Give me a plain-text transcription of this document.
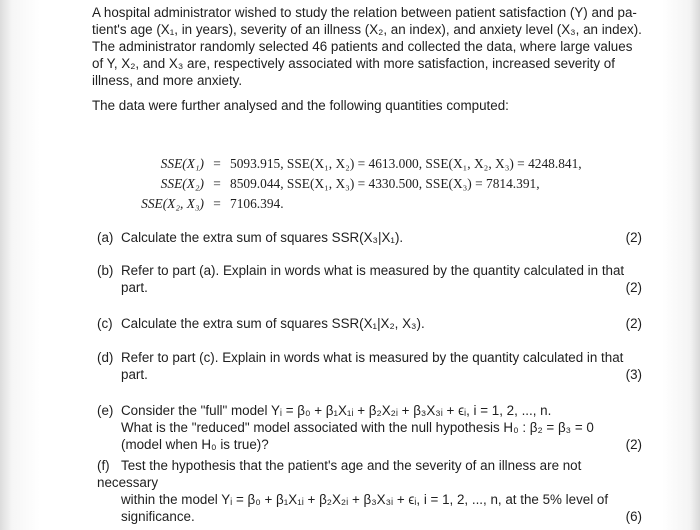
A hospital administrator wished to study the relation between patient satisfaction (Y) and pa-
tient's age (X₁, in years), severity of an illness (X₂, an index), and anxiety level (X₃, an index).
The administrator randomly selected 46 patients and collected the data, where large values
of Y, X₂, and X₃ are, respectively associated with more satisfaction, increased severity of
illness, and more anxiety.
The data were further analysed and the following quantities computed:
SSE(X₁) = 5093.915, SSE(X₁, X₂) = 4613.000, SSE(X₁, X₂, X₃) = 4248.841,
SSE(X₂) = 8509.044, SSE(X₁, X₃) = 4330.500, SSE(X₃) = 7814.391,
SSE(X₂, X₃) = 7106.394.
(a) Calculate the extra sum of squares SSR(X₃|X₁).	(2)
(b) Refer to part (a). Explain in words what is measured by the quantity calculated in that
part.	(2)
(c) Calculate the extra sum of squares SSR(X₁|X₂, X₃).	(2)
(d) Refer to part (c). Explain in words what is measured by the quantity calculated in that
part.	(3)
(e) Consider the "full" model Yᵢ = β₀ + β₁X₁ᵢ + β₂X₂ᵢ + β₃X₃ᵢ + ϵᵢ, i = 1, 2, ..., n.
What is the "reduced" model associated with the null hypothesis H₀ : β₂ = β₃ = 0
(model when H₀ is true)?	(2)
(f) Test the hypothesis that the patient's age and the severity of an illness are not necessary
within the model Yᵢ = β₀ + β₁X₁ᵢ + β₂X₂ᵢ + β₃X₃ᵢ + ϵᵢ, i = 1, 2, ..., n, at the 5% level of
significance.	(6)
